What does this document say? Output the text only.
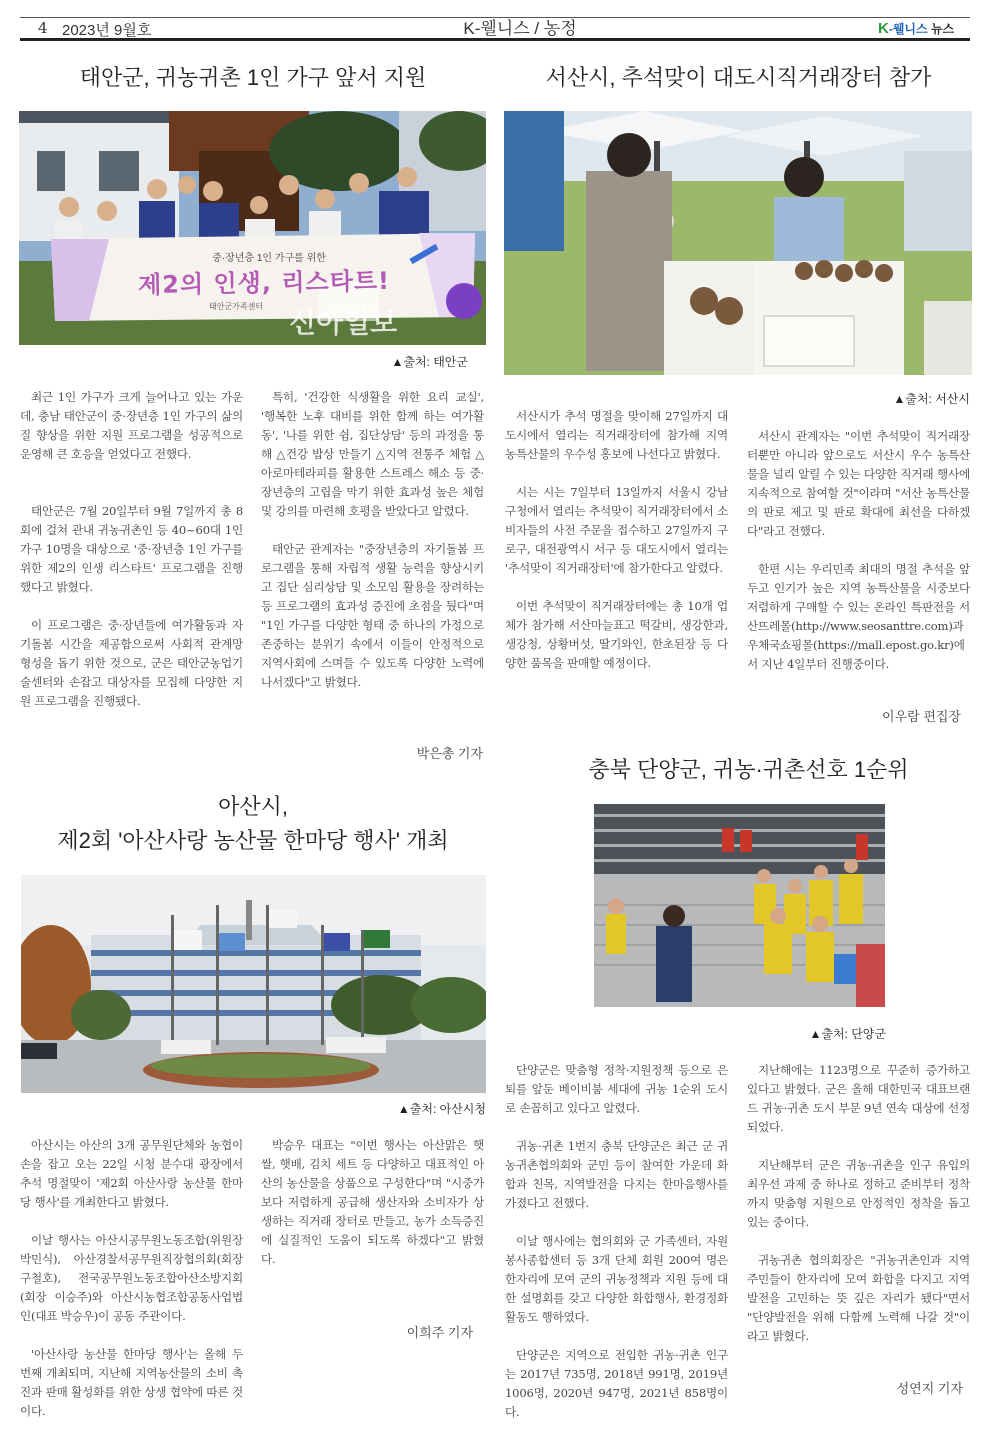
4 2023년 9월호	K-웰니스 / 농정	K-웰니스 뉴스
태안군, 귀농귀촌 1인 가구 앞서 지원
중·장년층 1인 가구를 위한
제2의 인생, 리스타트!
태안군가족센터 신아일보
▲출처: 태안군

최근 1인 가구가 크게 늘어나고 있는 가운데, 충남 태안군이 중·장년층 1인 가구의 삶의 질 향상을 위한 지원 프로그램을 성공적으로 운영해 큰 호응을 얻었다고 전했다.

태안군은 7월 20일부터 9월 7일까지 총 8회에 걸쳐 관내 귀농귀촌인 등 40~60대 1인 가구 10명을 대상으로 '중·장년층 1인 가구를 위한 제2의 인생 리스타트' 프로그램을 진행했다고 밝혔다.

이 프로그램은 중·장년들에 여가활동과 자기돌봄 시간을 제공함으로써 사회적 관계망 형성을 돕기 위한 것으로, 군은 태안군농업기술센터와 손잡고 대상자를 모집해 다양한 지원 프로그램을 진행됐다.

특히, '건강한 식생활을 위한 요리 교실', '행복한 노후 대비를 위한 함께 하는 여가활동', '나를 위한 쉼, 집단상담' 등의 과정을 통해 △건강 밥상 만들기 △지역 전통주 체험 △아로마테라피를 활용한 스트레스 해소 등 중·장년층의 고립을 막기 위한 효과성 높은 체험 및 강의를 마련해 호평을 받았다고 알렸다.

태안군 관계자는 "중장년층의 자기돌봄 프로그램을 통해 자립적 생활 능력을 향상시키고 집단 심리상담 및 소모임 활용을 장려하는 등 프로그램의 효과성 증진에 초점을 뒀다"며 "1인 가구를 다양한 형태 중 하나의 가정으로 존중하는 분위기 속에서 이들이 안정적으로 지역사회에 스며들 수 있도록 다양한 노력에 나서겠다"고 밝혔다.

박은총 기자
서산시, 추석맞이 대도시직거래장터 참가
▲출처: 서산시

서산시가 추석 명절을 맞이해 27일까지 대도시에서 열리는 직거래장터에 참가해 지역 농특산물의 우수성 홍보에 나선다고 밝혔다.

시는 시는 7일부터 13일까지 서울시 강남구청에서 열리는 추석맞이 직거래장터에서 소비자들의 사전 주문을 접수하고 27일까지 구로구, 대전광역시 서구 등 대도시에서 열리는 '추석맞이 직거래장터'에 참가한다고 알렸다.

이번 추석맞이 직거래장터에는 총 10개 업체가 참가해 서산마늘표고 떡갈비, 생강한과, 생강청, 상황버섯, 딸기와인, 한초된장 등 다양한 품목을 판매할 예정이다.

서산시 관계자는 "이번 추석맞이 직거래장터뿐만 아니라 앞으로도 서산시 우수 농특산물을 널리 알릴 수 있는 다양한 직거래 행사에 지속적으로 참여할 것"이라며 "서산 농특산물의 판로 제고 및 판로 확대에 최선을 다하겠다"라고 전했다.

한편 시는 우리민족 최대의 명절 추석을 앞두고 인기가 높은 지역 농특산물을 시중보다 저렴하게 구매할 수 있는 온라인 특판전을 서산뜨레몰(http://www.seosanttre.com)과 우체국쇼핑몰(https://mall.epost.go.kr)에서 지난 4일부터 진행중이다.

이우람 편집장
아산시,
제2회 '아산사랑 농산물 한마당 행사' 개최
▲출처: 아산시청

아산시는 아산의 3개 공무원단체와 농협이 손을 잡고 오는 22일 시청 분수대 광장에서 추석 명절맞이 '제2회 아산사랑 농산물 한마당 행사'를 개최한다고 밝혔다.

이날 행사는 아산시공무원노동조합(위원장 박민식), 아산경찰서공무원직장협의회(회장 구철호), 전국공무원노동조합아산소방지회(회장 이승주)와 아산시농협조합공동사업법인(대표 박승우)이 공동 주관이다.

'아산사랑 농산물 한마당 행사'는 올해 두 번째 개최되며, 지난해 지역농산물의 소비 촉진과 판매 활성화를 위한 상생 협약에 따른 것이다.

박승우 대표는 "이번 행사는 아산맑은 햇쌀, 햇배, 김치 세트 등 다양하고 대표적인 아산의 농산물을 상품으로 구성한다"며 "시중가보다 저렴하게 공급해 생산자와 소비자가 상생하는 직거래 장터로 만들고, 농가 소득증진에 실질적인 도움이 되도록 하겠다"고 밝혔다.

이희주 기자
충북 단양군, 귀농·귀촌선호 1순위
▲출처: 단양군

단양군은 맞춤형 정착·지원정책 등으로 은퇴를 앞둔 베이비붐 세대에 귀농 1순위 도시로 손꼽히고 있다고 알렸다.

귀농·귀촌 1번지 충북 단양군은 최근 군 귀농귀촌협의회와 군민 등이 참여한 가운데 화합과 친목, 지역발전을 다지는 한마음행사를 가졌다고 전했다.

이날 행사에는 협의회와 군 가족센터, 자원봉사종합센터 등 3개 단체 회원 200여 명은 한자리에 모여 군의 귀농정책과 지원 등에 대한 설명회를 갖고 다양한 화합행사, 환경정화 활동도 행하였다.

단양군은 지역으로 전입한 귀농·귀촌 인구는 2017년 735명, 2018년 991명, 2019년 1006명, 2020년 947명, 2021년 858명이다.

지난해에는 1123명으로 꾸준히 증가하고 있다고 밝혔다. 군은 올해 대한민국 대표브랜드 귀농·귀촌 도시 부문 9년 연속 대상에 선정되었다.

지난해부터 군은 귀농·귀촌을 인구 유입의 최우선 과제 중 하나로 정하고 준비부터 정착까지 맞춤형 지원으로 안정적인 정착을 돕고 있는 중이다.

귀농귀촌 협의회장은 "귀농귀촌인과 지역 주민들이 한자리에 모여 화합을 다지고 지역 발전을 고민하는 뜻 깊은 자리가 됐다"면서 "단양발전을 위해 다함께 노력해 나갈 것"이라고 밝혔다.

성연지 기자
